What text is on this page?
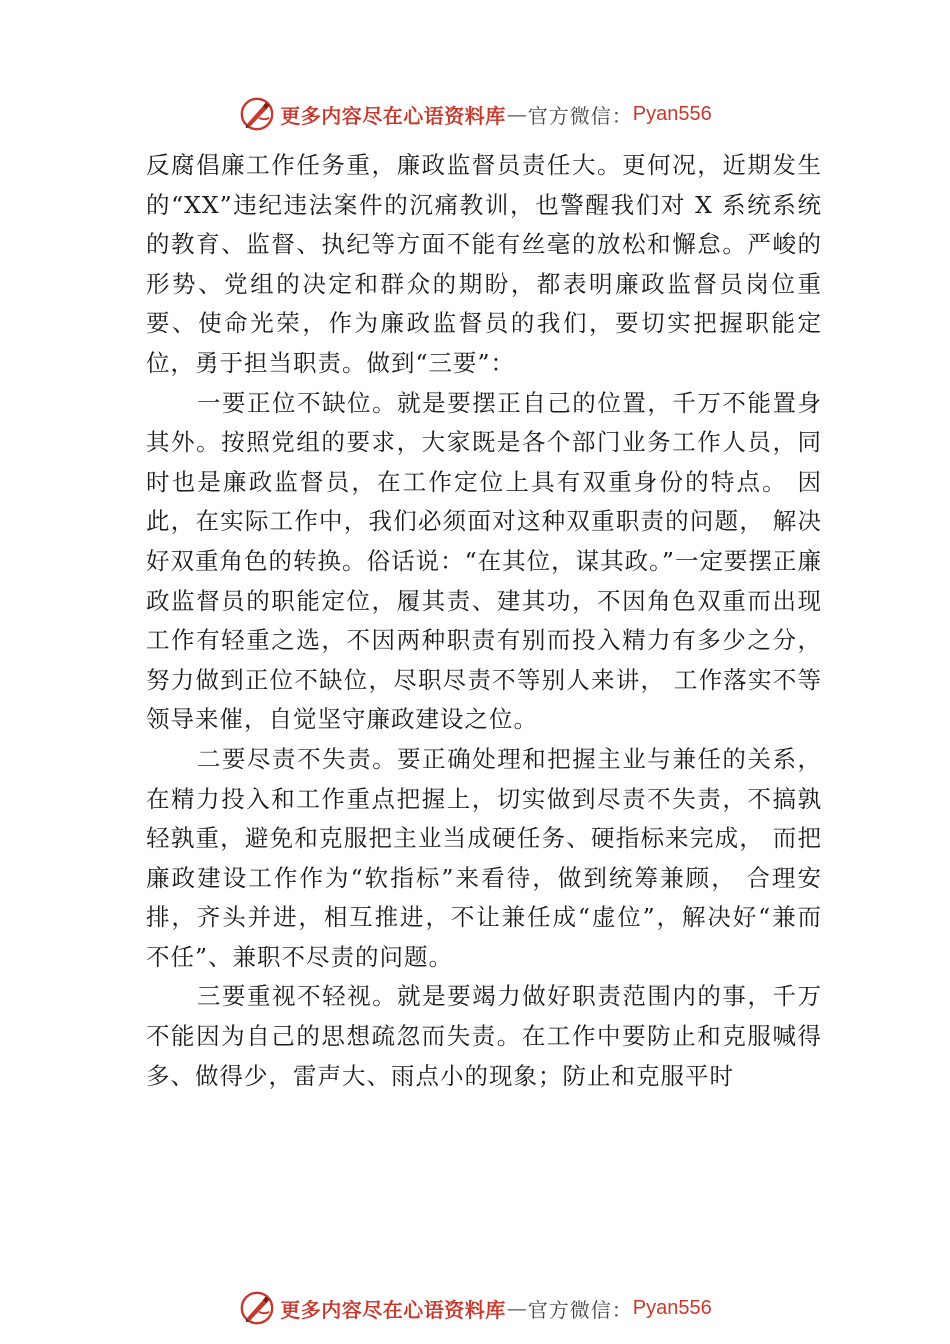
更多内容尽在心语资料库 — 官方微信： Pyan556

反腐倡廉工作任务重，廉政监督员责任大。更何况，近期发生的“XX”违纪违法案件的沉痛教训，也警醒我们对 X 系统系统的教育、监督、执纪等方面不能有丝毫的放松和懈怠。严峻的形势、党组的决定和群众的期盼，都表明廉政监督员岗位重要、使命光荣，作为廉政监督员的我们，要切实把握职能定位，勇于担当职责。做到“三要”：

一要正位不缺位。就是要摆正自己的位置，千万不能置身其外。按照党组的要求，大家既是各个部门业务工作人员，同时也是廉政监督员，在工作定位上具有双重身份的特点。 因此，在实际工作中，我们必须面对这种双重职责的问题， 解决好双重角色的转换。俗话说：“在其位，谋其政。”一定要摆正廉政监督员的职能定位，履其责、建其功，不因角色双重而出现工作有轻重之选，不因两种职责有别而投入精力有多少之分，努力做到正位不缺位，尽职尽责不等别人来讲， 工作落实不等领导来催，自觉坚守廉政建设之位。

二要尽责不失责。要正确处理和把握主业与兼任的关系，在精力投入和工作重点把握上，切实做到尽责不失责，不搞孰轻孰重，避免和克服把主业当成硬任务、硬指标来完成， 而把廉政建设工作作为“软指标”来看待，做到统筹兼顾， 合理安排，齐头并进，相互推进，不让兼任成“虚位”，解决好“兼而不任”、兼职不尽责的问题。

三要重视不轻视。就是要竭力做好职责范围内的事，千万不能因为自己的思想疏忽而失责。在工作中要防止和克服喊得多、做得少，雷声大、雨点小的现象；防止和克服平时

更多内容尽在心语资料库 — 官方微信： Pyan556
